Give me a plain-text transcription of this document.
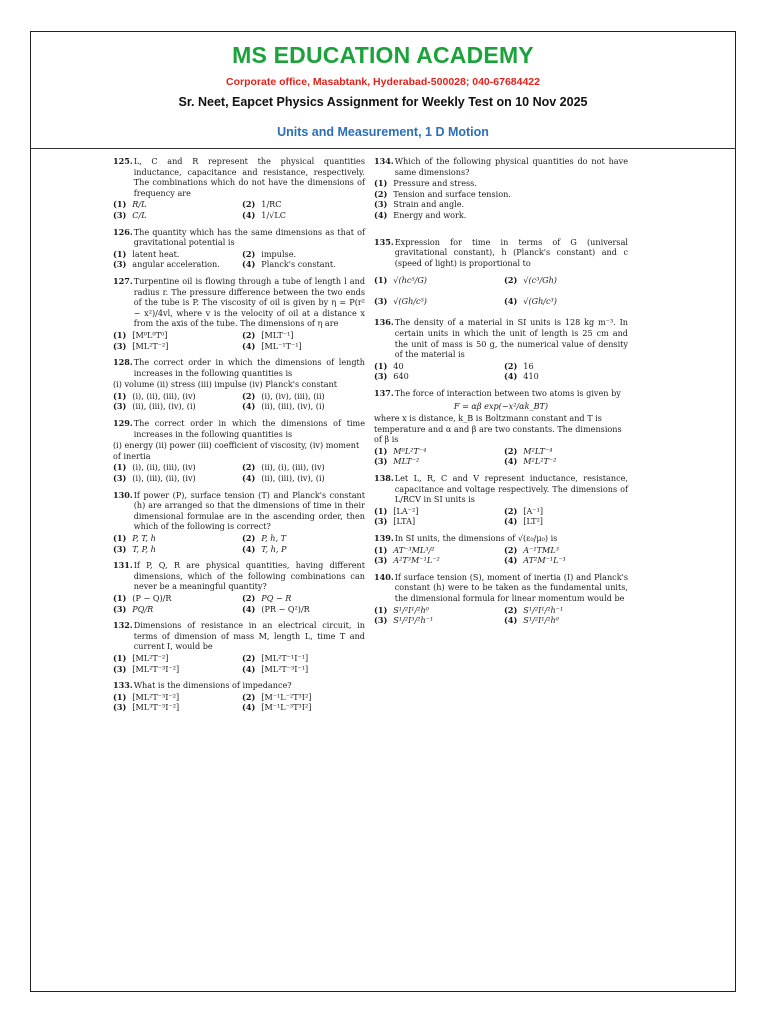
MS EDUCATION ACADEMY
Corporate office, Masabtank, Hyderabad-500028; 040-67684422
Sr. Neet, Eapcet Physics Assignment for Weekly Test on 10 Nov 2025
Units and Measurement, 1 D Motion
125. L, C and R represent the physical quantities inductance, capacitance and resistance, respectively. The combinations which do not have the dimensions of frequency are
(1) R/L	(2) 1/RC
(3) C/L	(4) 1/√LC
126. The quantity which has the same dimensions as that of gravitational potential is
(1) latent heat.	(2) impulse.
(3) angular acceleration.	(4) Planck's constant.
127. Turpentine oil is flowing through a tube of length l and radius r. The pressure difference between the two ends of the tube is P. The viscosity of oil is given by η = P(r² − x²)/4vl, where v is the velocity of oil at a distance x from the axis of the tube. The dimensions of η are
(1) [M⁰L⁰T⁰]	(2) [MLT⁻¹]
(3) [ML²T⁻²]	(4) [ML⁻¹T⁻¹]
128. The correct order in which the dimensions of length increases in the following quantities is
(i) volume (ii) stress (iii) impulse (iv) Planck's constant
(1) (i), (ii), (iii), (iv)	(2) (i), (iv), (iii), (ii)
(3) (ii), (iii), (iv), (i)	(4) (ii), (iii), (iv), (i)
129. The correct order in which the dimensions of time increases in the following quantities is
(i) energy (ii) power (iii) coefficient of viscosity, (iv) moment of inertia
(1) (i), (ii), (iii), (iv)	(2) (ii), (i), (iii), (iv)
(3) (i), (iii), (ii), (iv)	(4) (ii), (iii), (iv), (i)
130. If power (P), surface tension (T) and Planck's constant (h) are arranged so that the dimensions of time in their dimensional formulae are in the ascending order, then which of the following is correct?
(1) P, T, h	(2) P, h, T
(3) T, P, h	(4) T, h, P
131. If P, Q, R are physical quantities, having different dimensions, which of the following combinations can never be a meaningful quantity?
(1) (P − Q)/R	(2) PQ − R
(3) PQ/R	(4) (PR − Q²)/R
132. Dimensions of resistance in an electrical circuit, in terms of dimension of mass M, length L, time T and current I, would be
(1) [ML²T⁻²]	(2) [ML²T⁻¹I⁻¹]
(3) [ML²T⁻³I⁻²]	(4) [ML²T⁻³I⁻¹]
133. What is the dimensions of impedance?
(1) [ML²T⁻³I⁻²]	(2) [M⁻¹L⁻²T³I²]
(3) [ML³T⁻³I⁻²]	(4) [M⁻¹L⁻³T³I²]
134. Which of the following physical quantities do not have same dimensions?
(1) Pressure and stress.
(2) Tension and surface tension.
(3) Strain and angle.
(4) Energy and work.
135. Expression for time in terms of G (universal gravitational constant), h (Planck's constant) and c (speed of light) is proportional to
(1) √(hc⁵/G)	(2) √(c³/Gh)
(3) √(Gh/c⁵)	(4) √(Gh/c³)
136. The density of a material in SI units is 128 kg m⁻³. In certain units in which the unit of length is 25 cm and the unit of mass is 50 g, the numerical value of density of the material is
(1) 40	(2) 16
(3) 640	(4) 410
137. The force of interaction between two atoms is given by
F = αβ exp(−x²/αk_BT)
where x is distance, k_B is Boltzmann constant and T is temperature and α and β are two constants. The dimensions of β is
(1) M⁰L²T⁻⁴	(2) M²LT⁻⁴
(3) MLT⁻²	(4) M²L²T⁻²
138. Let L, R, C and V represent inductance, resistance, capacitance and voltage respectively. The dimensions of L/RCV in SI units is
(1) [LA⁻²]	(2) [A⁻¹]
(3) [LTA]	(4) [LT²]
139. In SI units, the dimensions of √(ε₀/μ₀) is
(1) AT⁻³ML³/²	(2) A⁻¹TML³
(3) A²T³M⁻¹L⁻²	(4) AT²M⁻¹L⁻¹
140. If surface tension (S), moment of inertia (I) and Planck's constant (h) were to be taken as the fundamental units, the dimensional formula for linear momentum would be
(1) S¹/²I¹/²h⁰	(2) S¹/²I¹/²h⁻¹
(3) S¹/²I³/²h⁻¹	(4) S¹/²I¹/²h⁰
